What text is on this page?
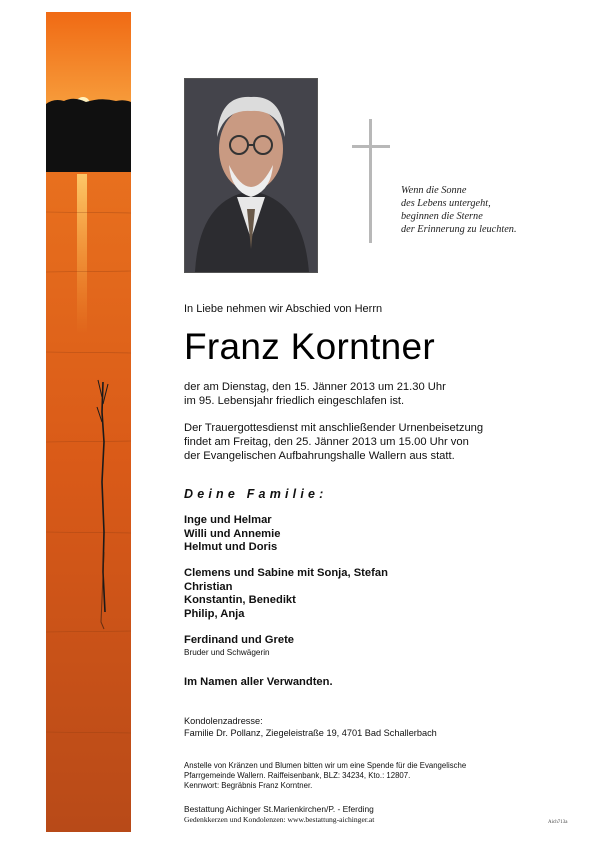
Wenn die Sonne
des Lebens untergeht,
beginnen die Sterne
der Erinnerung zu leuchten.
In Liebe nehmen wir Abschied von Herrn
Franz Korntner
der am Dienstag, den 15. Jänner 2013 um 21.30 Uhr
im 95. Lebensjahr friedlich eingeschlafen ist.
Der Trauergottesdienst mit anschließender Urnenbeisetzung
findet am Freitag, den 25. Jänner 2013 um 15.00 Uhr von
der Evangelischen Aufbahrungshalle Wallern aus statt.
Deine Familie:
Inge und Helmar
Willi und Annemie
Helmut und Doris
Clemens und Sabine mit Sonja, Stefan
Christian
Konstantin, Benedikt
Philip, Anja
Ferdinand und Grete
Bruder und Schwägerin
Im Namen aller Verwandten.
Kondolenzadresse:
Familie Dr. Pollanz, Ziegeleistraße 19, 4701 Bad Schallerbach
Anstelle von Kränzen und Blumen bitten wir um eine Spende für die Evangelische
Pfarrgemeinde Wallern. Raiffeisenbank, BLZ: 34234, Kto.: 12807.
Kennwort: Begräbnis Franz Korntner.
Bestattung Aichinger St.Marienkirchen/P. - Eferding
Gedenkkerzen und Kondolenzen: www.bestattung-aichinger.at	Aich713a
